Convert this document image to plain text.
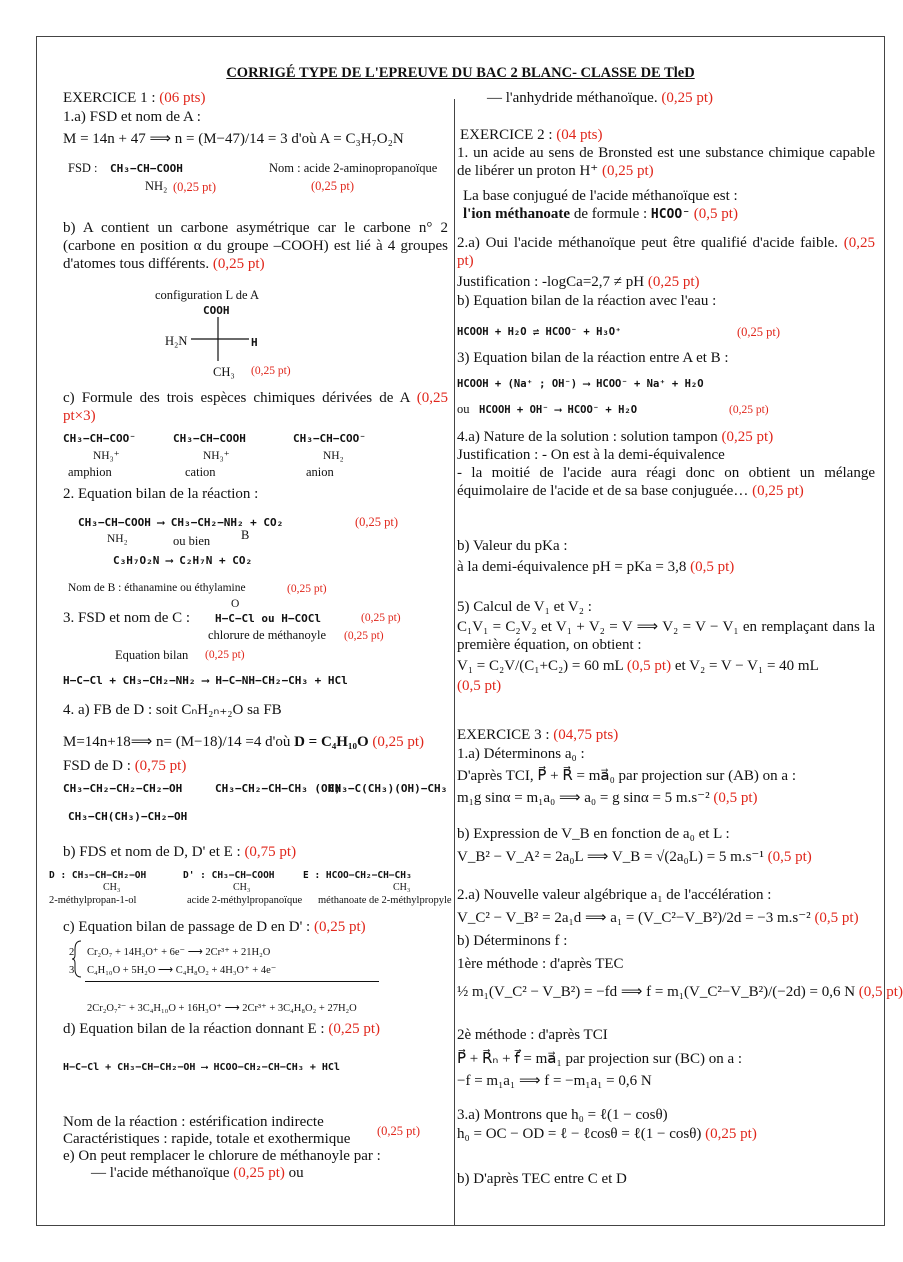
CORRIGÉ TYPE DE L'EPREUVE DU BAC 2 BLANC- CLASSE DE TleD
EXERCICE 1 : (06 pts)
1.a) FSD et nom de A :
M = 14n + 47 ⟹ n = (M−47)/14 = 3 d'où A = C₃H₇O₂N
FSD : CH₃−CH−COOH
NH₂ (0,25 pt)
Nom : acide 2-aminopropanoïque
(0,25 pt)
b) A contient un carbone asymétrique car le carbone n° 2 (carbone en position α du groupe –COOH) est lié à 4 groupes d'atomes tous différents. (0,25 pt)
configuration L de A
COOH
H₂N	H
CH₃ (0,25 pt)
c) Formule des trois espèces chimiques dérivées de A (0,25 pt×3)
CH₃−CH−COO⁻
NH₃⁺
amphion
CH₃−CH−COOH
NH₃⁺
cation
CH₃−CH−COO⁻
NH₂
anion
2. Equation bilan de la réaction :
CH₃−CH−COOH ⟶ CH₃−CH₂−NH₂ + CO₂	(0,25 pt)
NH₂	B
ou bien
C₃H₇O₂N ⟶ C₂H₇N + CO₂
Nom de B : éthanamine ou éthylamine	(0,25 pt)
3. FSD et nom de C :
O
H−C−Cl ou H−COCl	(0,25 pt)
chlorure de méthanoyle (0,25 pt)
Equation bilan (0,25 pt)
H−C−Cl + CH₃−CH₂−NH₂ ⟶ H−C−NH−CH₂−CH₃ + HCl
4. a) FB de D : soit CₙH₂ₙ₊₂O sa FB
M=14n+18⟹ n= (M−18)/14 =4 d'où D = C₄H₁₀O (0,25 pt)
FSD de D : (0,75 pt)
CH₃−CH₂−CH₂−CH₂−OH	CH₃−CH₂−CH−CH₃ (OH)
CH₃−C(CH₃)(OH)−CH₃
CH₃−CH(CH₃)−CH₂−OH
b) FDS et nom de D, D' et E : (0,75 pt)
D : CH₃−CH−CH₂−OH	D' : CH₃−CH−COOH	E : HCOO−CH₂−CH−CH₃
CH₃	CH₃	CH₃
2-méthylpropan-1-ol	acide 2-méthylpropanoïque méthanoate de 2-méthylpropyle
c) Equation bilan de passage de D en D' : (0,25 pt)
2 Cr₂O₇ + 14H₃O⁺ + 6e⁻ ⟶ 2Cr³⁺ + 21H₂O
3 C₄H₁₀O + 5H₂O ⟶ C₄H₈O₂ + 4H₃O⁺ + 4e⁻
2Cr₂O₇²⁻ + 3C₄H₁₀O + 16H₃O⁺ ⟶ 2Cr³⁺ + 3C₄H₈O₂ + 27H₂O
d) Equation bilan de la réaction donnant E : (0,25 pt)
H−C−Cl + CH₃−CH−CH₂−OH ⟶ HCOO−CH₂−CH−CH₃ + HCl
Nom de la réaction : estérification indirecte
(0,25 pt)
Caractéristiques : rapide, totale et exothermique
e) On peut remplacer le chlorure de méthanoyle par :
— l'acide méthanoïque (0,25 pt) ou
— l'anhydride méthanoïque. (0,25 pt)
EXERCICE 2 : (04 pts)
1. un acide au sens de Bronsted est une substance chimique capable de libérer un proton H⁺ (0,25 pt)
La base conjugué de l'acide méthanoïque est :
l'ion méthanoate de formule : HCOO⁻ (0,5 pt)
2.a) Oui l'acide méthanoïque peut être qualifié d'acide faible. (0,25 pt)
Justification : -logCa=2,7 ≠ pH (0,25 pt)
b) Equation bilan de la réaction avec l'eau :
HCOOH + H₂O ⇌ HCOO⁻ + H₃O⁺	(0,25 pt)
3) Equation bilan de la réaction entre A et B :
HCOOH + (Na⁺ ; OH⁻) ⟶ HCOO⁻ + Na⁺ + H₂O
ou HCOOH + OH⁻ ⟶ HCOO⁻ + H₂O	(0,25 pt)
4.a) Nature de la solution : solution tampon (0,25 pt)
Justification : - On est à la demi-équivalence
- la moitié de l'acide aura réagi donc on obtient un mélange équimolaire de l'acide et de sa base conjuguée… (0,25 pt)
b) Valeur du pKa :
à la demi-équivalence pH = pKa = 3,8 (0,5 pt)
5) Calcul de V₁ et V₂ :
C₁V₁ = C₂V₂ et V₁ + V₂ = V ⟹ V₂ = V − V₁ en remplaçant dans la première équation, on obtient :
V₁ = C₂V/(C₁+C₂) = 60 mL (0,5 pt) et V₂ = V − V₁ = 40 mL
(0,5 pt)
EXERCICE 3 : (04,75 pts)
1.a) Déterminons a₀ :
D'après TCI, P⃗ + R⃗ = ma⃗₀ par projection sur (AB) on a :
m₁g sinα = m₁a₀ ⟹ a₀ = g sinα = 5 m.s⁻² (0,5 pt)
b) Expression de V_B en fonction de a₀ et L :
V_B² − V_A² = 2a₀L ⟹ V_B = √(2a₀L) = 5 m.s⁻¹ (0,5 pt)
2.a) Nouvelle valeur algébrique a₁ de l'accélération :
V_C² − V_B² = 2a₁d ⟹ a₁ = (V_C²−V_B²)/2d = −3 m.s⁻² (0,5 pt)
b) Déterminons f :
1ère méthode : d'après TEC
½ m₁(V_C² − V_B²) = −fd ⟹ f = m₁(V_C²−V_B²)/(−2d) = 0,6 N (0,5 pt)
2è méthode : d'après TCI
P⃗ + R⃗ₙ + f⃗ = ma⃗₁ par projection sur (BC) on a :
−f = m₁a₁ ⟹ f = −m₁a₁ = 0,6 N
3.a) Montrons que h₀ = ℓ(1 − cosθ)
h₀ = OC − OD = ℓ − ℓcosθ = ℓ(1 − cosθ) (0,25 pt)
b) D'après TEC entre C et D
